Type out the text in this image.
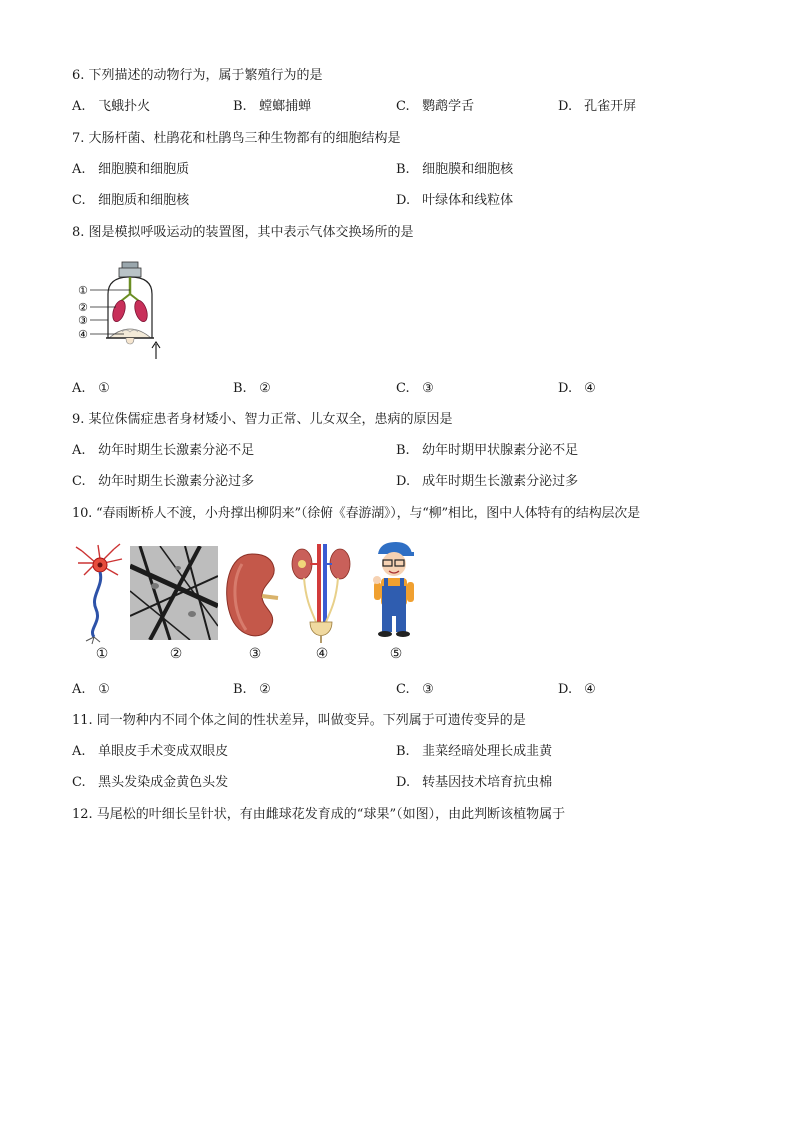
6. 下列描述的动物行为，属于繁殖行为的是
A. 飞蛾扑火	B. 螳螂捕蝉	C. 鹦鹉学舌	D. 孔雀开屏
7. 大肠杆菌、杜鹃花和杜鹃鸟三种生物都有的细胞结构是
A. 细胞膜和细胞质	B. 细胞膜和细胞核
C. 细胞质和细胞核	D. 叶绿体和线粒体
8. 图是模拟呼吸运动的装置图，其中表示气体交换场所的是
①
②
③
④
A. ①	B. ②	C. ③	D. ④
9. 某位侏儒症患者身材矮小、智力正常、儿女双全，患病的原因是
A. 幼年时期生长激素分泌不足	B. 幼年时期甲状腺素分泌不足
C. 幼年时期生长激素分泌过多	D. 成年时期生长激素分泌过多
10. “春雨断桥人不渡，小舟撑出柳阴来”（徐俯《春游湖》），与“柳”相比，图中人体特有的结构层次是
①	②	③	④	⑤
A. ①	B. ②	C. ③	D. ④
11. 同一物种内不同个体之间的性状差异，叫做变异。下列属于可遗传变异的是
A. 单眼皮手术变成双眼皮	B. 韭菜经暗处理长成韭黄
C. 黑头发染成金黄色头发	D. 转基因技术培育抗虫棉
12. 马尾松的叶细长呈针状，有由雌球花发育成的“球果”（如图），由此判断该植物属于
